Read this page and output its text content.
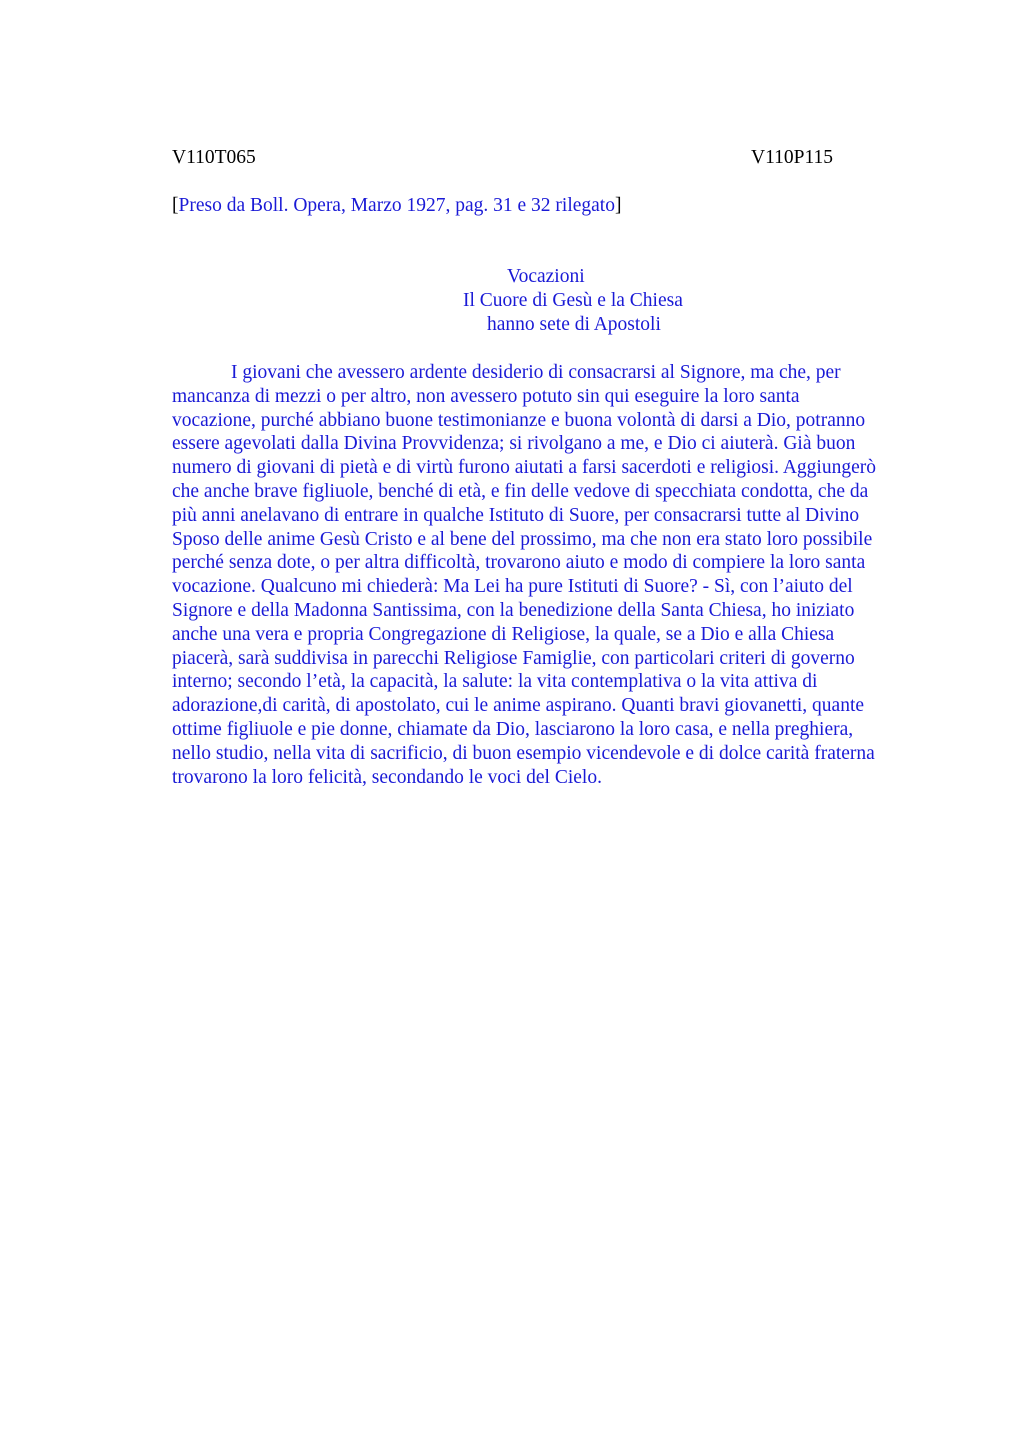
V110T065	V110P115
[Preso da Boll. Opera, Marzo 1927, pag. 31 e 32 rilegato]
Vocazioni
Il Cuore di Gesù e la Chiesa
hanno sete di Apostoli
I giovani che avessero ardente desiderio di consacrarsi al Signore, ma che, per
mancanza di mezzi o per altro, non avessero potuto sin qui eseguire la loro santa
vocazione, purché abbiano buone testimonianze e buona volontà di darsi a Dio, potranno
essere agevolati dalla Divina Provvidenza; si rivolgano a me, e Dio ci aiuterà. Già buon
numero di giovani di pietà e di virtù furono aiutati a farsi sacerdoti e religiosi. Aggiungerò
che anche brave figliuole, benché di età, e fin delle vedove di specchiata condotta, che da
più anni anelavano di entrare in qualche Istituto di Suore, per consacrarsi tutte al Divino
Sposo delle anime Gesù Cristo e al bene del prossimo, ma che non era stato loro possibile
perché senza dote, o per altra difficoltà, trovarono aiuto e modo di compiere la loro santa
vocazione. Qualcuno mi chiederà: Ma Lei ha pure Istituti di Suore? - Sì, con l’aiuto del
Signore e della Madonna Santissima, con la benedizione della Santa Chiesa, ho iniziato
anche una vera e propria Congregazione di Religiose, la quale, se a Dio e alla Chiesa
piacerà, sarà suddivisa in parecchi Religiose Famiglie, con particolari criteri di governo
interno; secondo l’età, la capacità, la salute: la vita contemplativa o la vita attiva di
adorazione,di carità, di apostolato, cui le anime aspirano. Quanti bravi giovanetti, quante
ottime figliuole e pie donne, chiamate da Dio, lasciarono la loro casa, e nella preghiera,
nello studio, nella vita di sacrificio, di buon esempio vicendevole e di dolce carità fraterna
trovarono la loro felicità, secondando le voci del Cielo.
